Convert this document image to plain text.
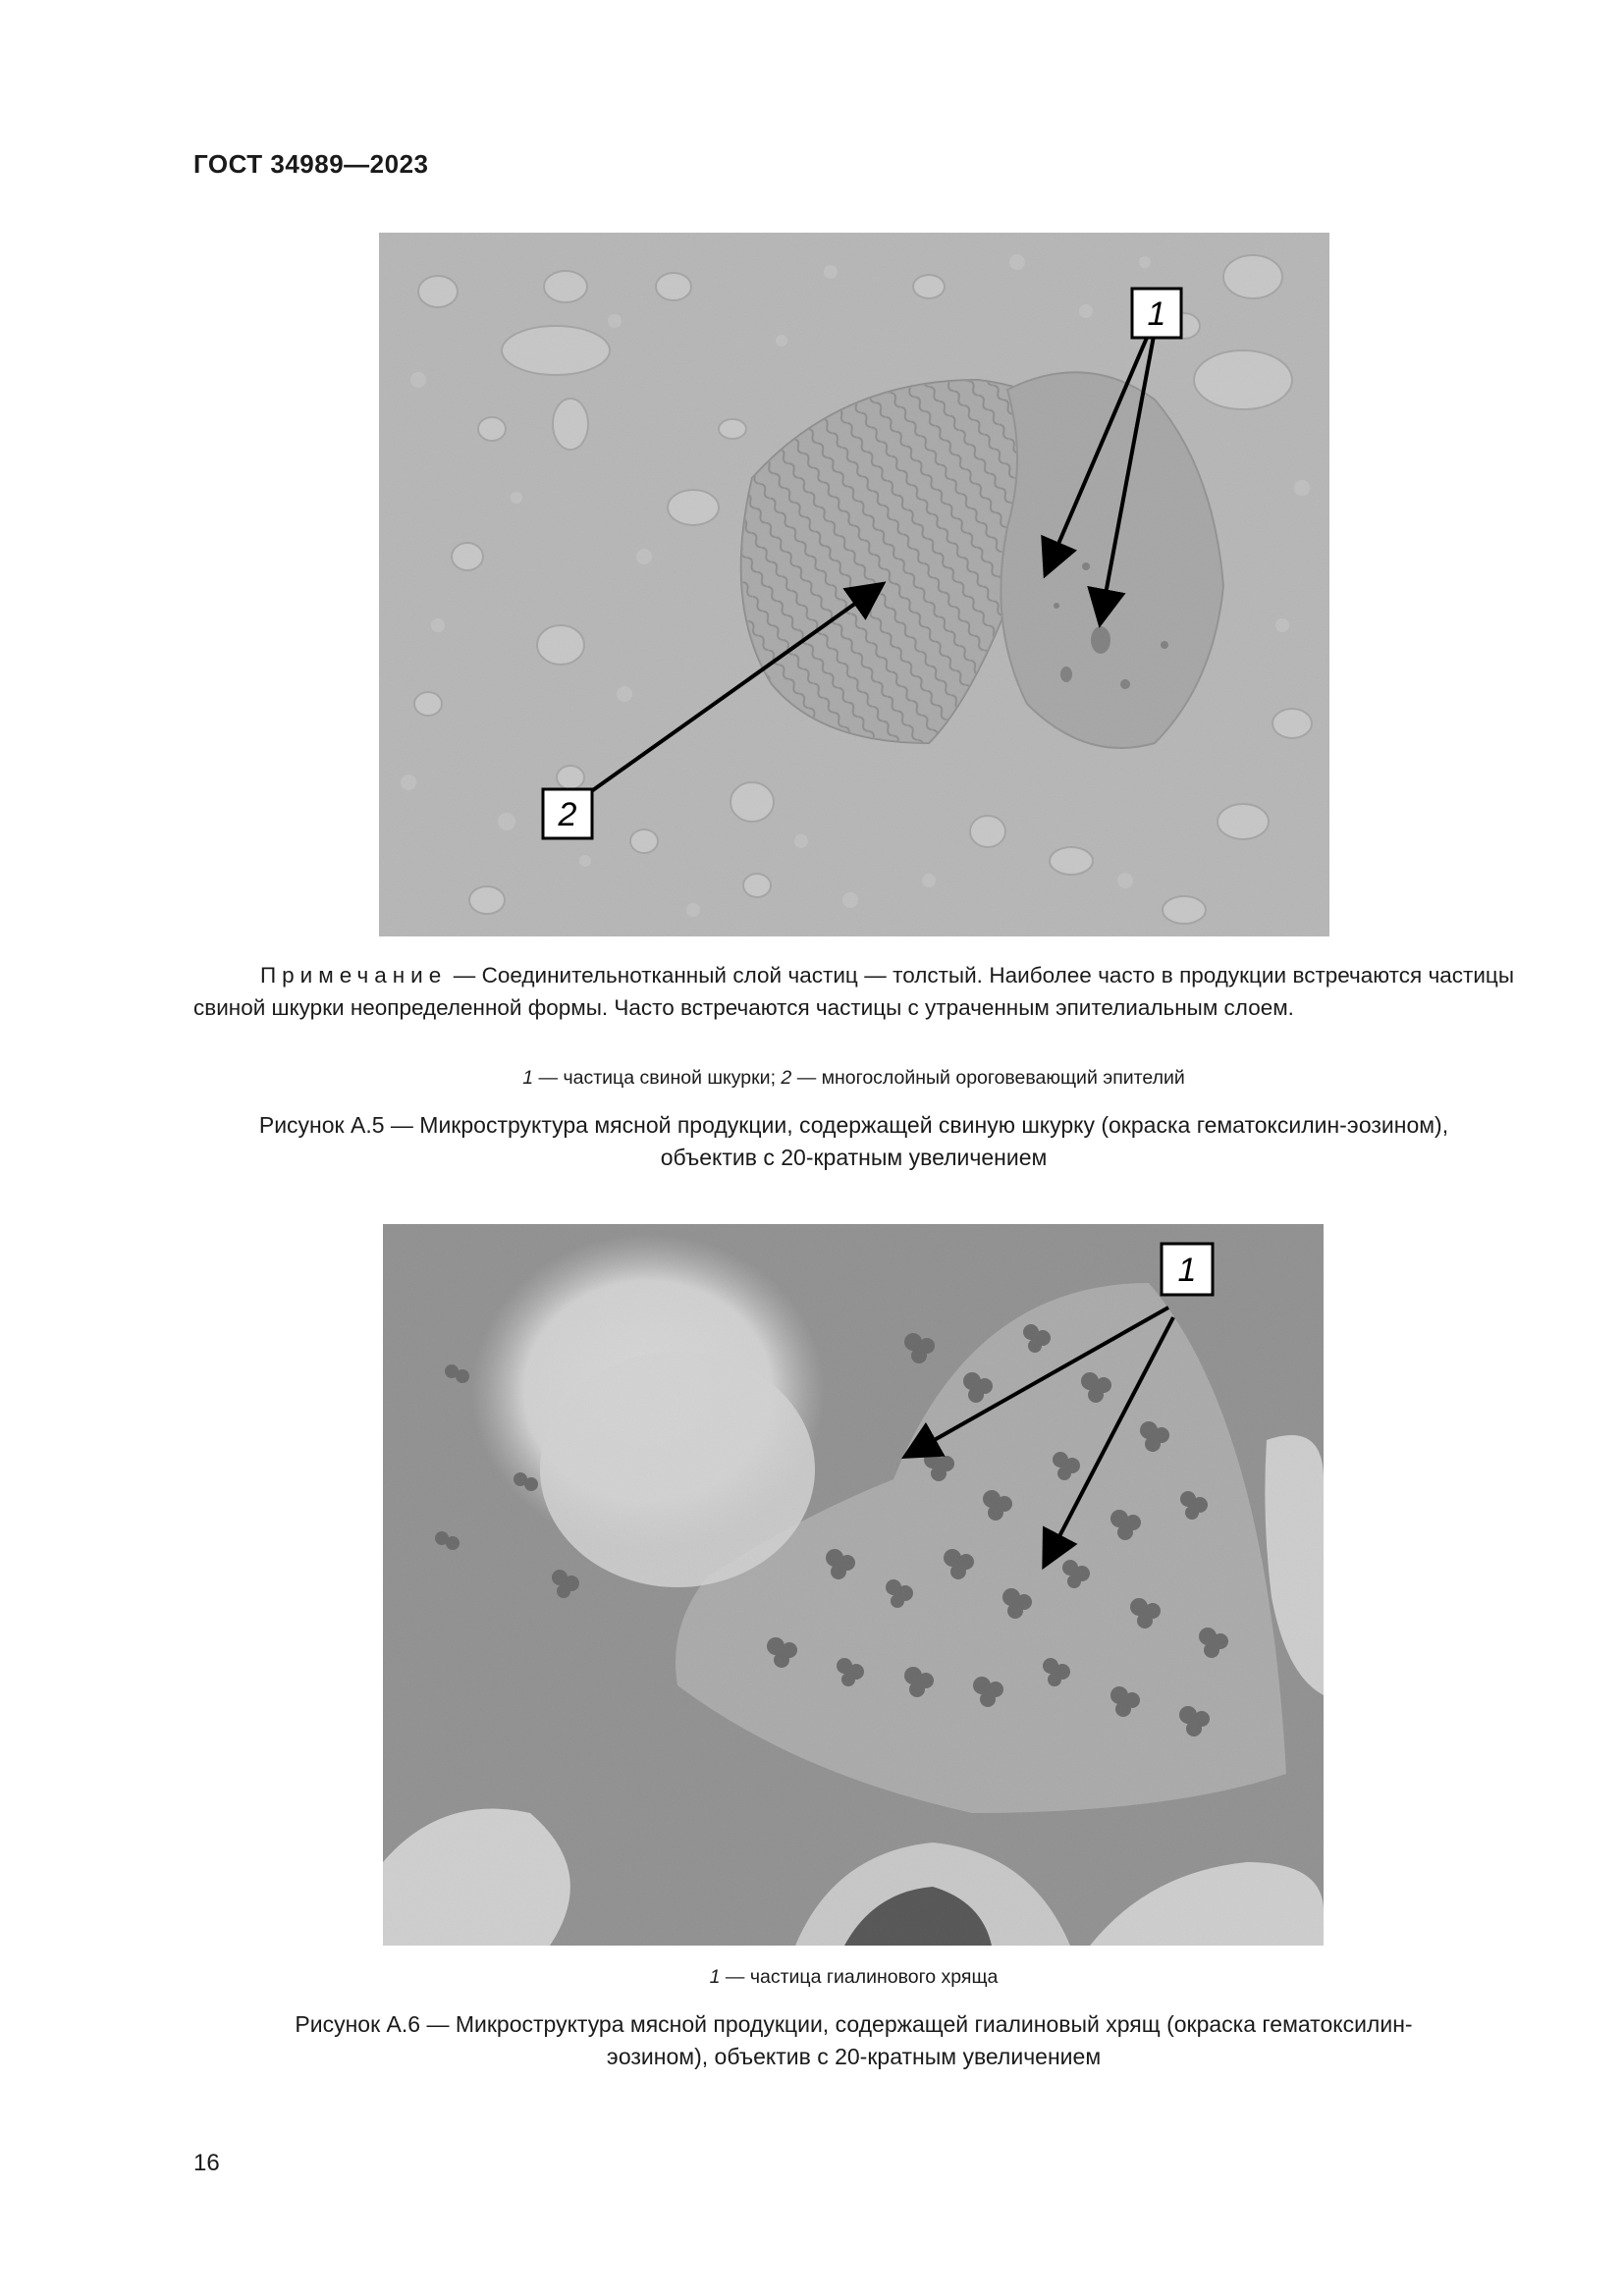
ГОСТ 34989—2023
1
2
Примечание — Соединительнотканный слой частиц — толстый. Наиболее часто в продукции встречаются частицы свиной шкурки неопределенной формы. Часто встречаются частицы с утраченным эпителиальным слоем.
1 — частица свиной шкурки; 2 — многослойный ороговевающий эпителий
Рисунок А.5 — Микроструктура мясной продукции, содержащей свиную шкурку (окраска гематоксилин-эозином),
объектив с 20-кратным увеличением
1
1 — частица гиалинового хряща
Рисунок А.6 — Микроструктура мясной продукции, содержащей гиалиновый хрящ (окраска гематоксилин-
эозином), объектив с 20-кратным увеличением
16
